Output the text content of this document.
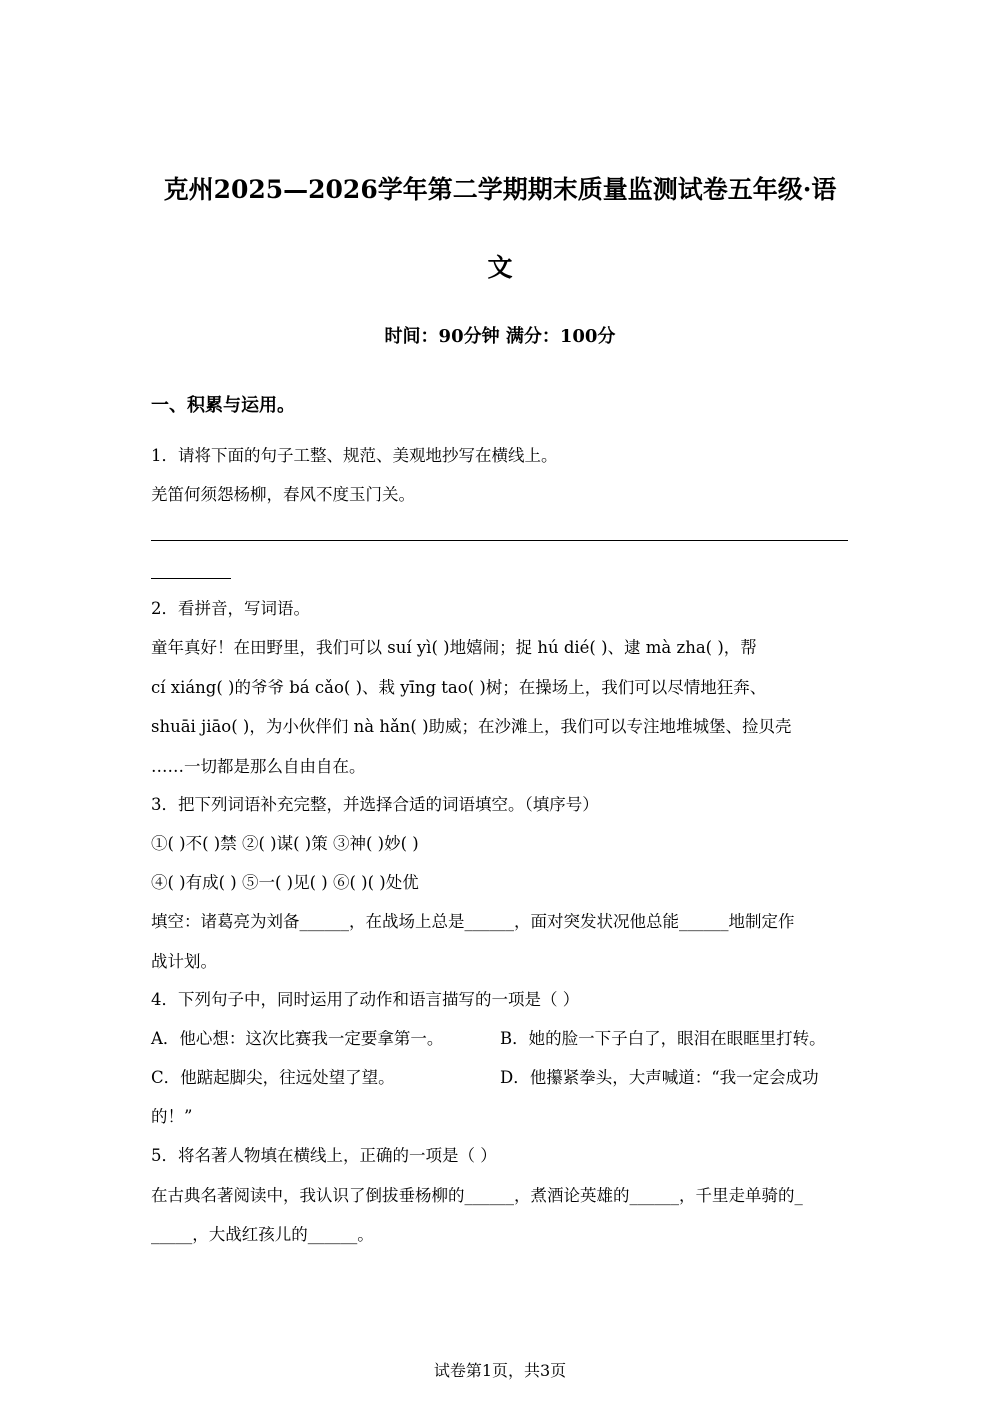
克州2025—2026学年第二学期期末质量监测试卷五年级·语
文
时间：90分钟 满分：100分
一、积累与运用。
1．请将下面的句子工整、规范、美观地抄写在横线上。
羌笛何须怨杨柳，春风不度玉门关。
2．看拼音，写词语。
童年真好！在田野里，我们可以 suí yì( )地嬉闹；捉 hú dié( )、逮 mà zha( )，帮
cí xiáng( )的爷爷 bá cǎo( )、栽 yīng tao( )树；在操场上，我们可以尽情地狂奔、
shuāi jiāo( )，为小伙伴们 nà hǎn( )助威；在沙滩上，我们可以专注地堆城堡、捡贝壳
……一切都是那么自由自在。
3．把下列词语补充完整，并选择合适的词语填空。（填序号）
①( )不( )禁 ②( )谋( )策 ③神( )妙( )
④( )有成( ) ⑤一( )见( ) ⑥( )( )处优
填空：诸葛亮为刘备______，在战场上总是______，面对突发状况他总能______地制定作
战计划。
4．下列句子中，同时运用了动作和语言描写的一项是（ ）
A．他心想：这次比赛我一定要拿第一。	B．她的脸一下子白了，眼泪在眼眶里打转。
C．他踮起脚尖，往远处望了望。	D．他攥紧拳头，大声喊道：“我一定会成功
的！”
5．将名著人物填在横线上，正确的一项是（ ）
在古典名著阅读中，我认识了倒拔垂杨柳的______，煮酒论英雄的______，千里走单骑的_
_____，大战红孩儿的______。
试卷第1页，共3页
